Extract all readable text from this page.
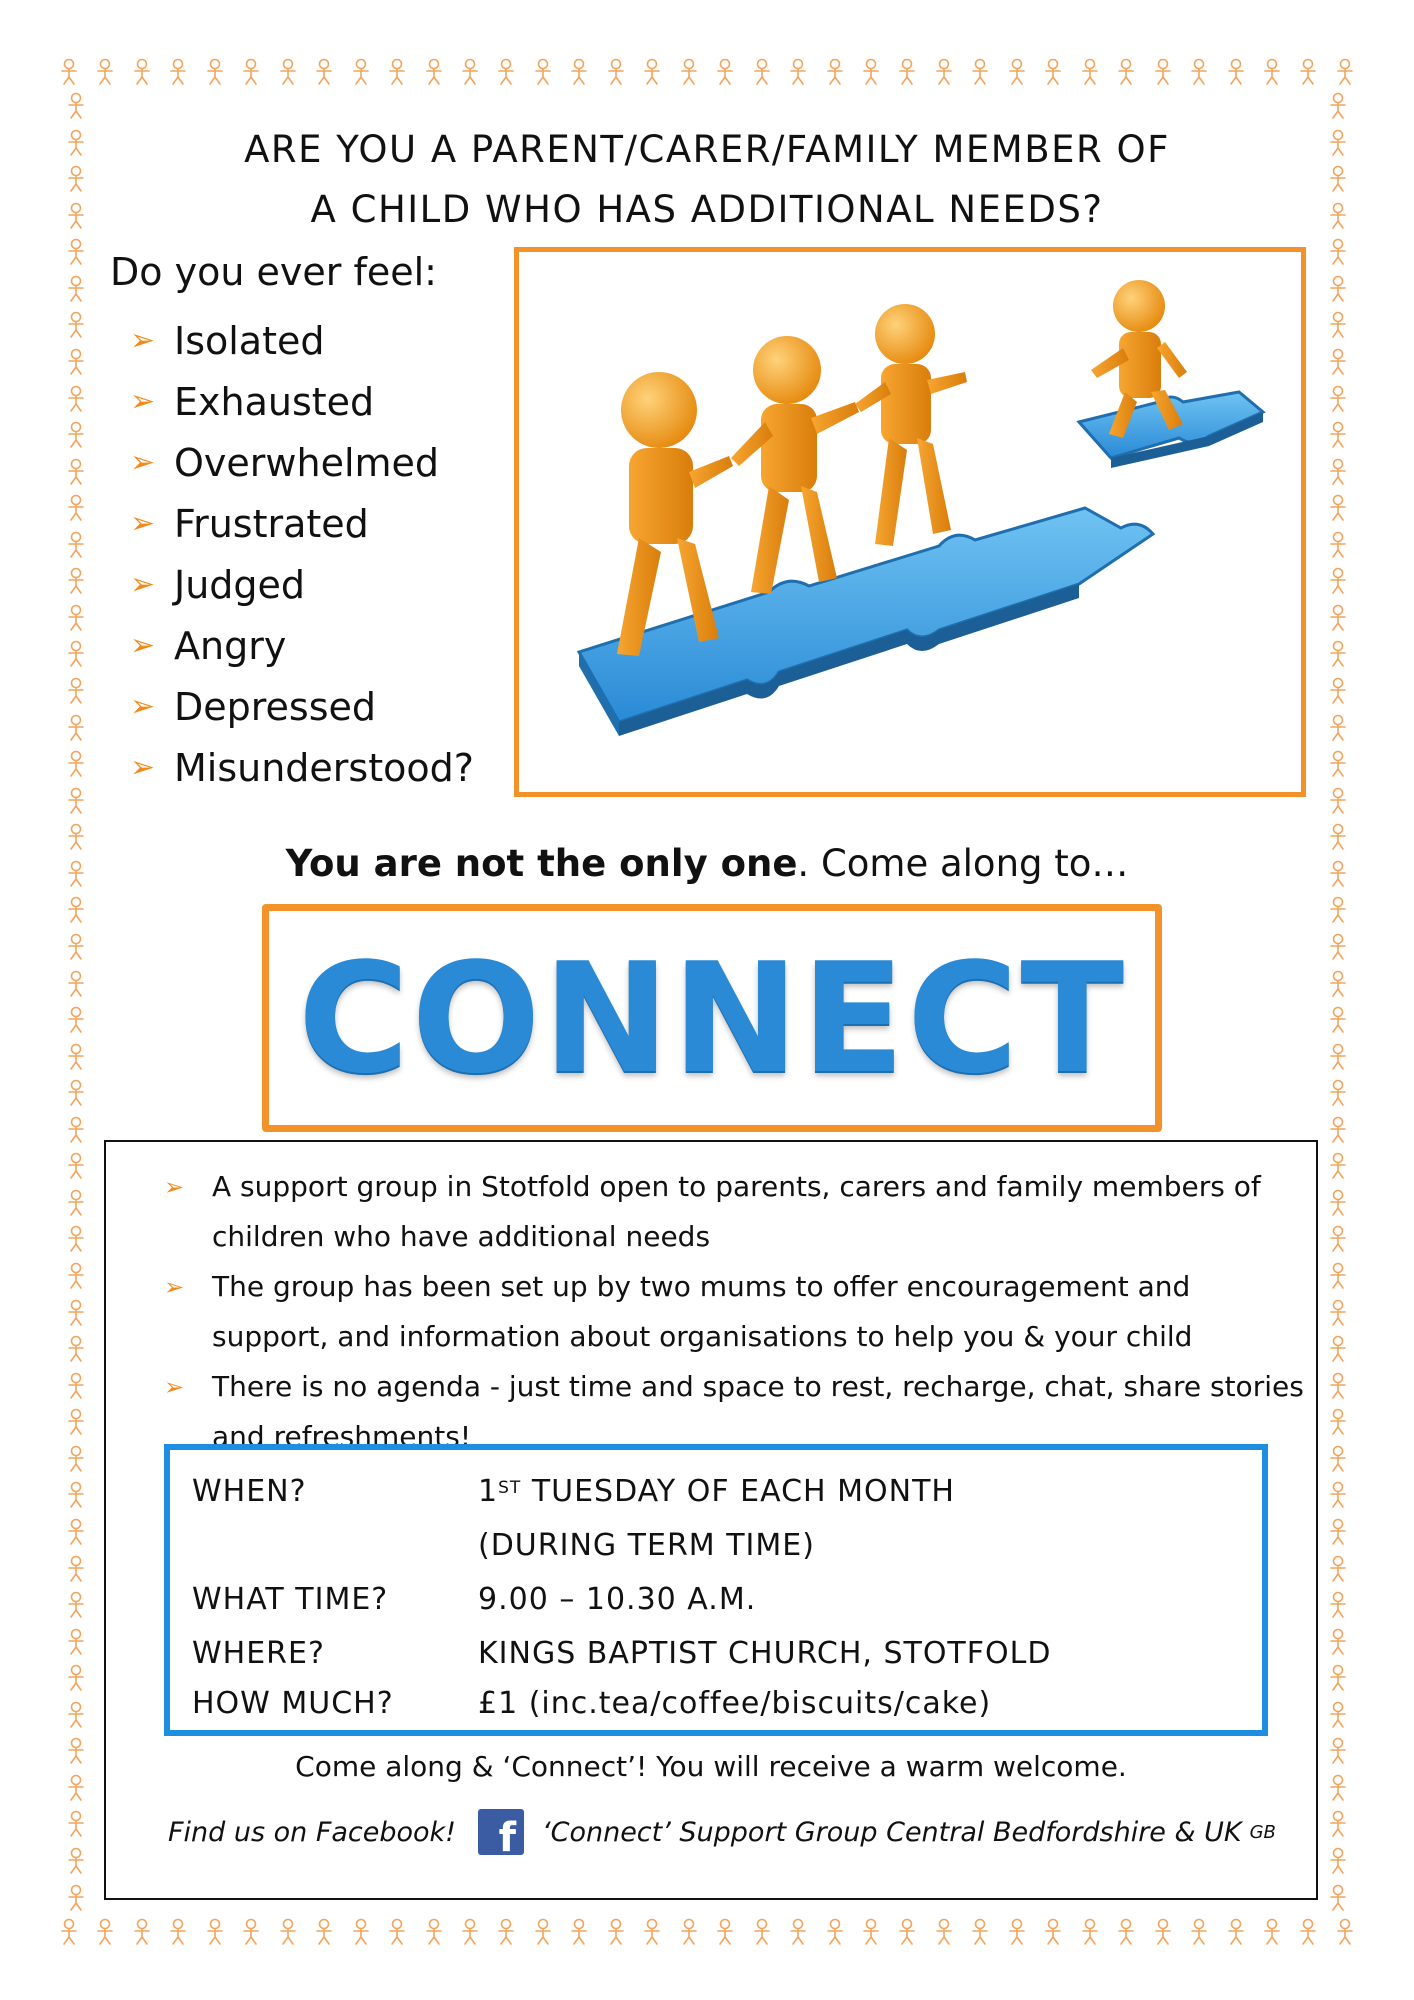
ARE YOU A PARENT/CARER/FAMILY MEMBER OF
A CHILD WHO HAS ADDITIONAL NEEDS?
Do you ever feel:
➢ Isolated
➢ Exhausted
➢ Overwhelmed
➢ Frustrated
➢ Judged
➢ Angry
➢ Depressed
➢ Misunderstood?
You are not the only one. Come along to…
CONNECT
➢ A support group in Stotfold open to parents, carers and family members of children who have additional needs
➢ The group has been set up by two mums to offer encouragement and support, and information about organisations to help you & your child
➢ There is no agenda - just time and space to rest, recharge, chat, share stories and refreshments!
WHEN?	1ST TUESDAY OF EACH MONTH
(DURING TERM TIME)
WHAT TIME?	9.00 – 10.30 A.M.
WHERE?	KINGS BAPTIST CHURCH, STOTFOLD
HOW MUCH?	£1 (inc.tea/coffee/biscuits/cake)
Come along & ‘Connect’! You will receive a warm welcome.
Find us on Facebook! f ‘Connect’ Support Group Central Bedfordshire & UK GB
